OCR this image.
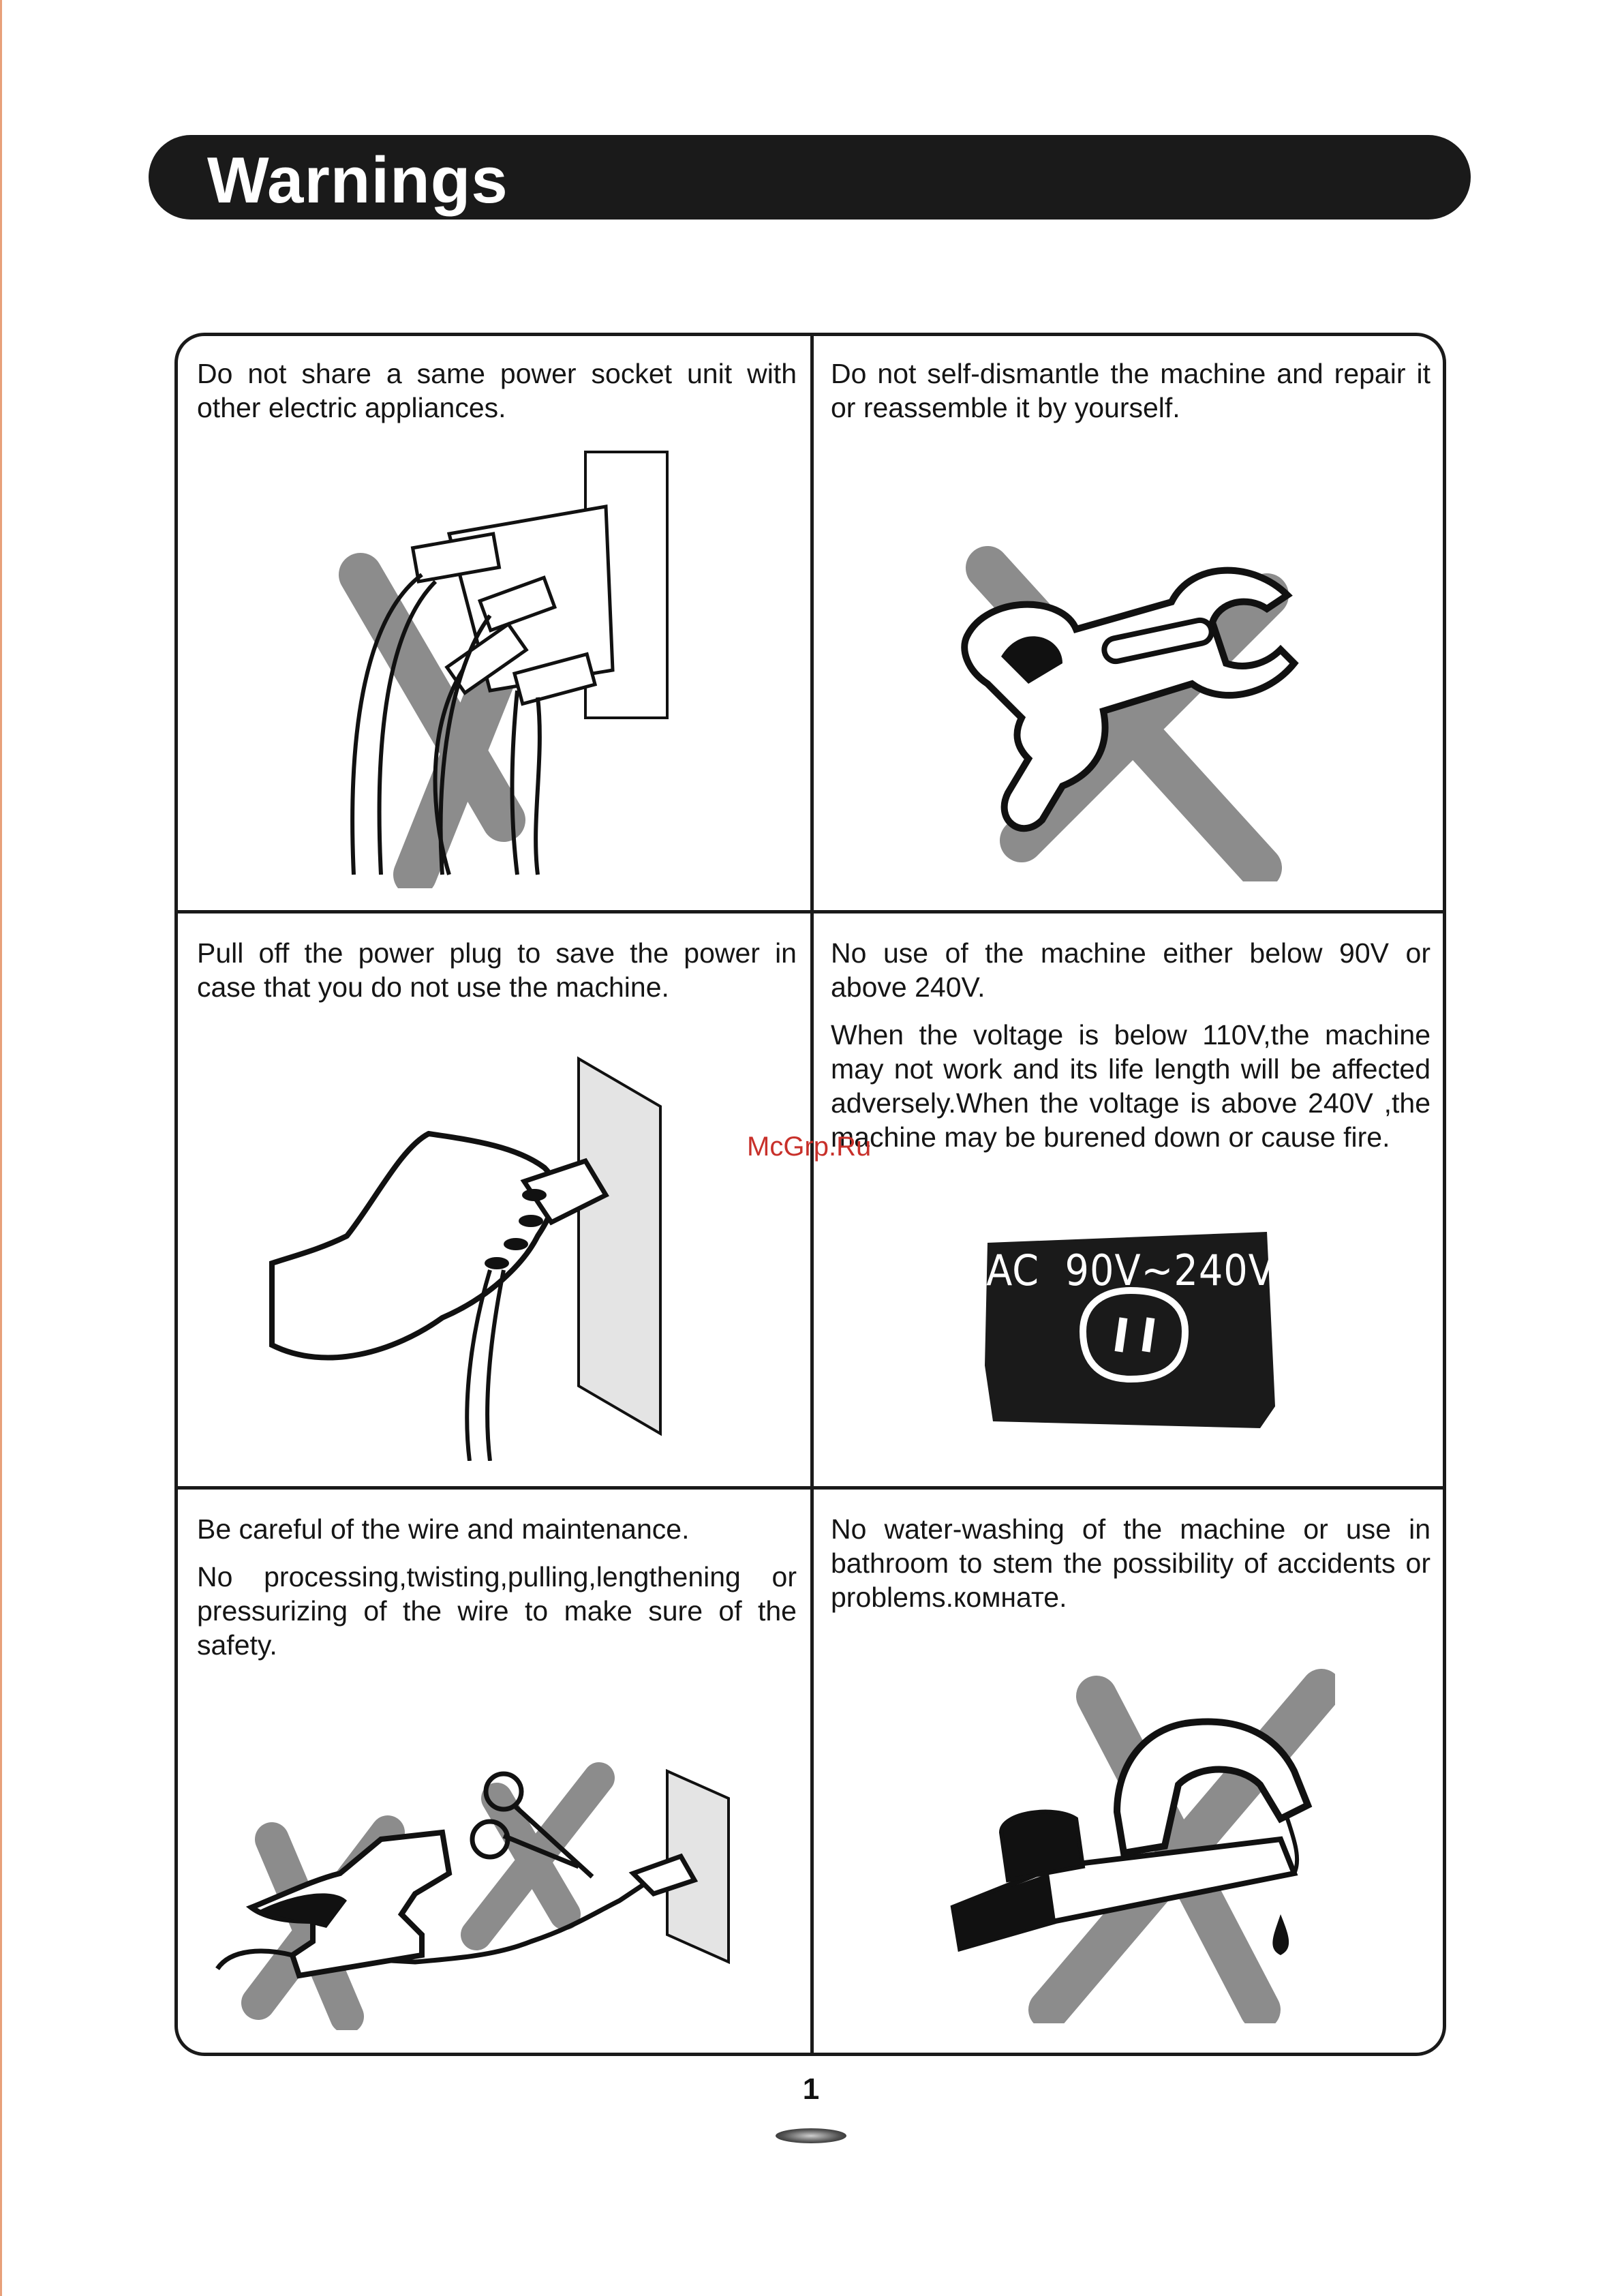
Warnings

Do not share a same power socket unit with other electric appliances.

Do not self-dismantle the machine and repair it or reassemble it by yourself.

Pull off the power plug to save the power in case that you do not use the machine.

No use of the machine either below 90V or above 240V.

When the voltage is below 110V,the machine may not work and its life length will be affected adversely.When the voltage is above 240V ,the machine may be burened down or cause fire.

AC  90V~240V

Be careful of the wire and maintenance.

No processing,twisting,pulling,lengthening or pressurizing of the wire to make sure of the safety.

No water-washing of the machine or use in bathroom to stem the possibility of accidents or problems.комнате.

McGrp.Ru
1
